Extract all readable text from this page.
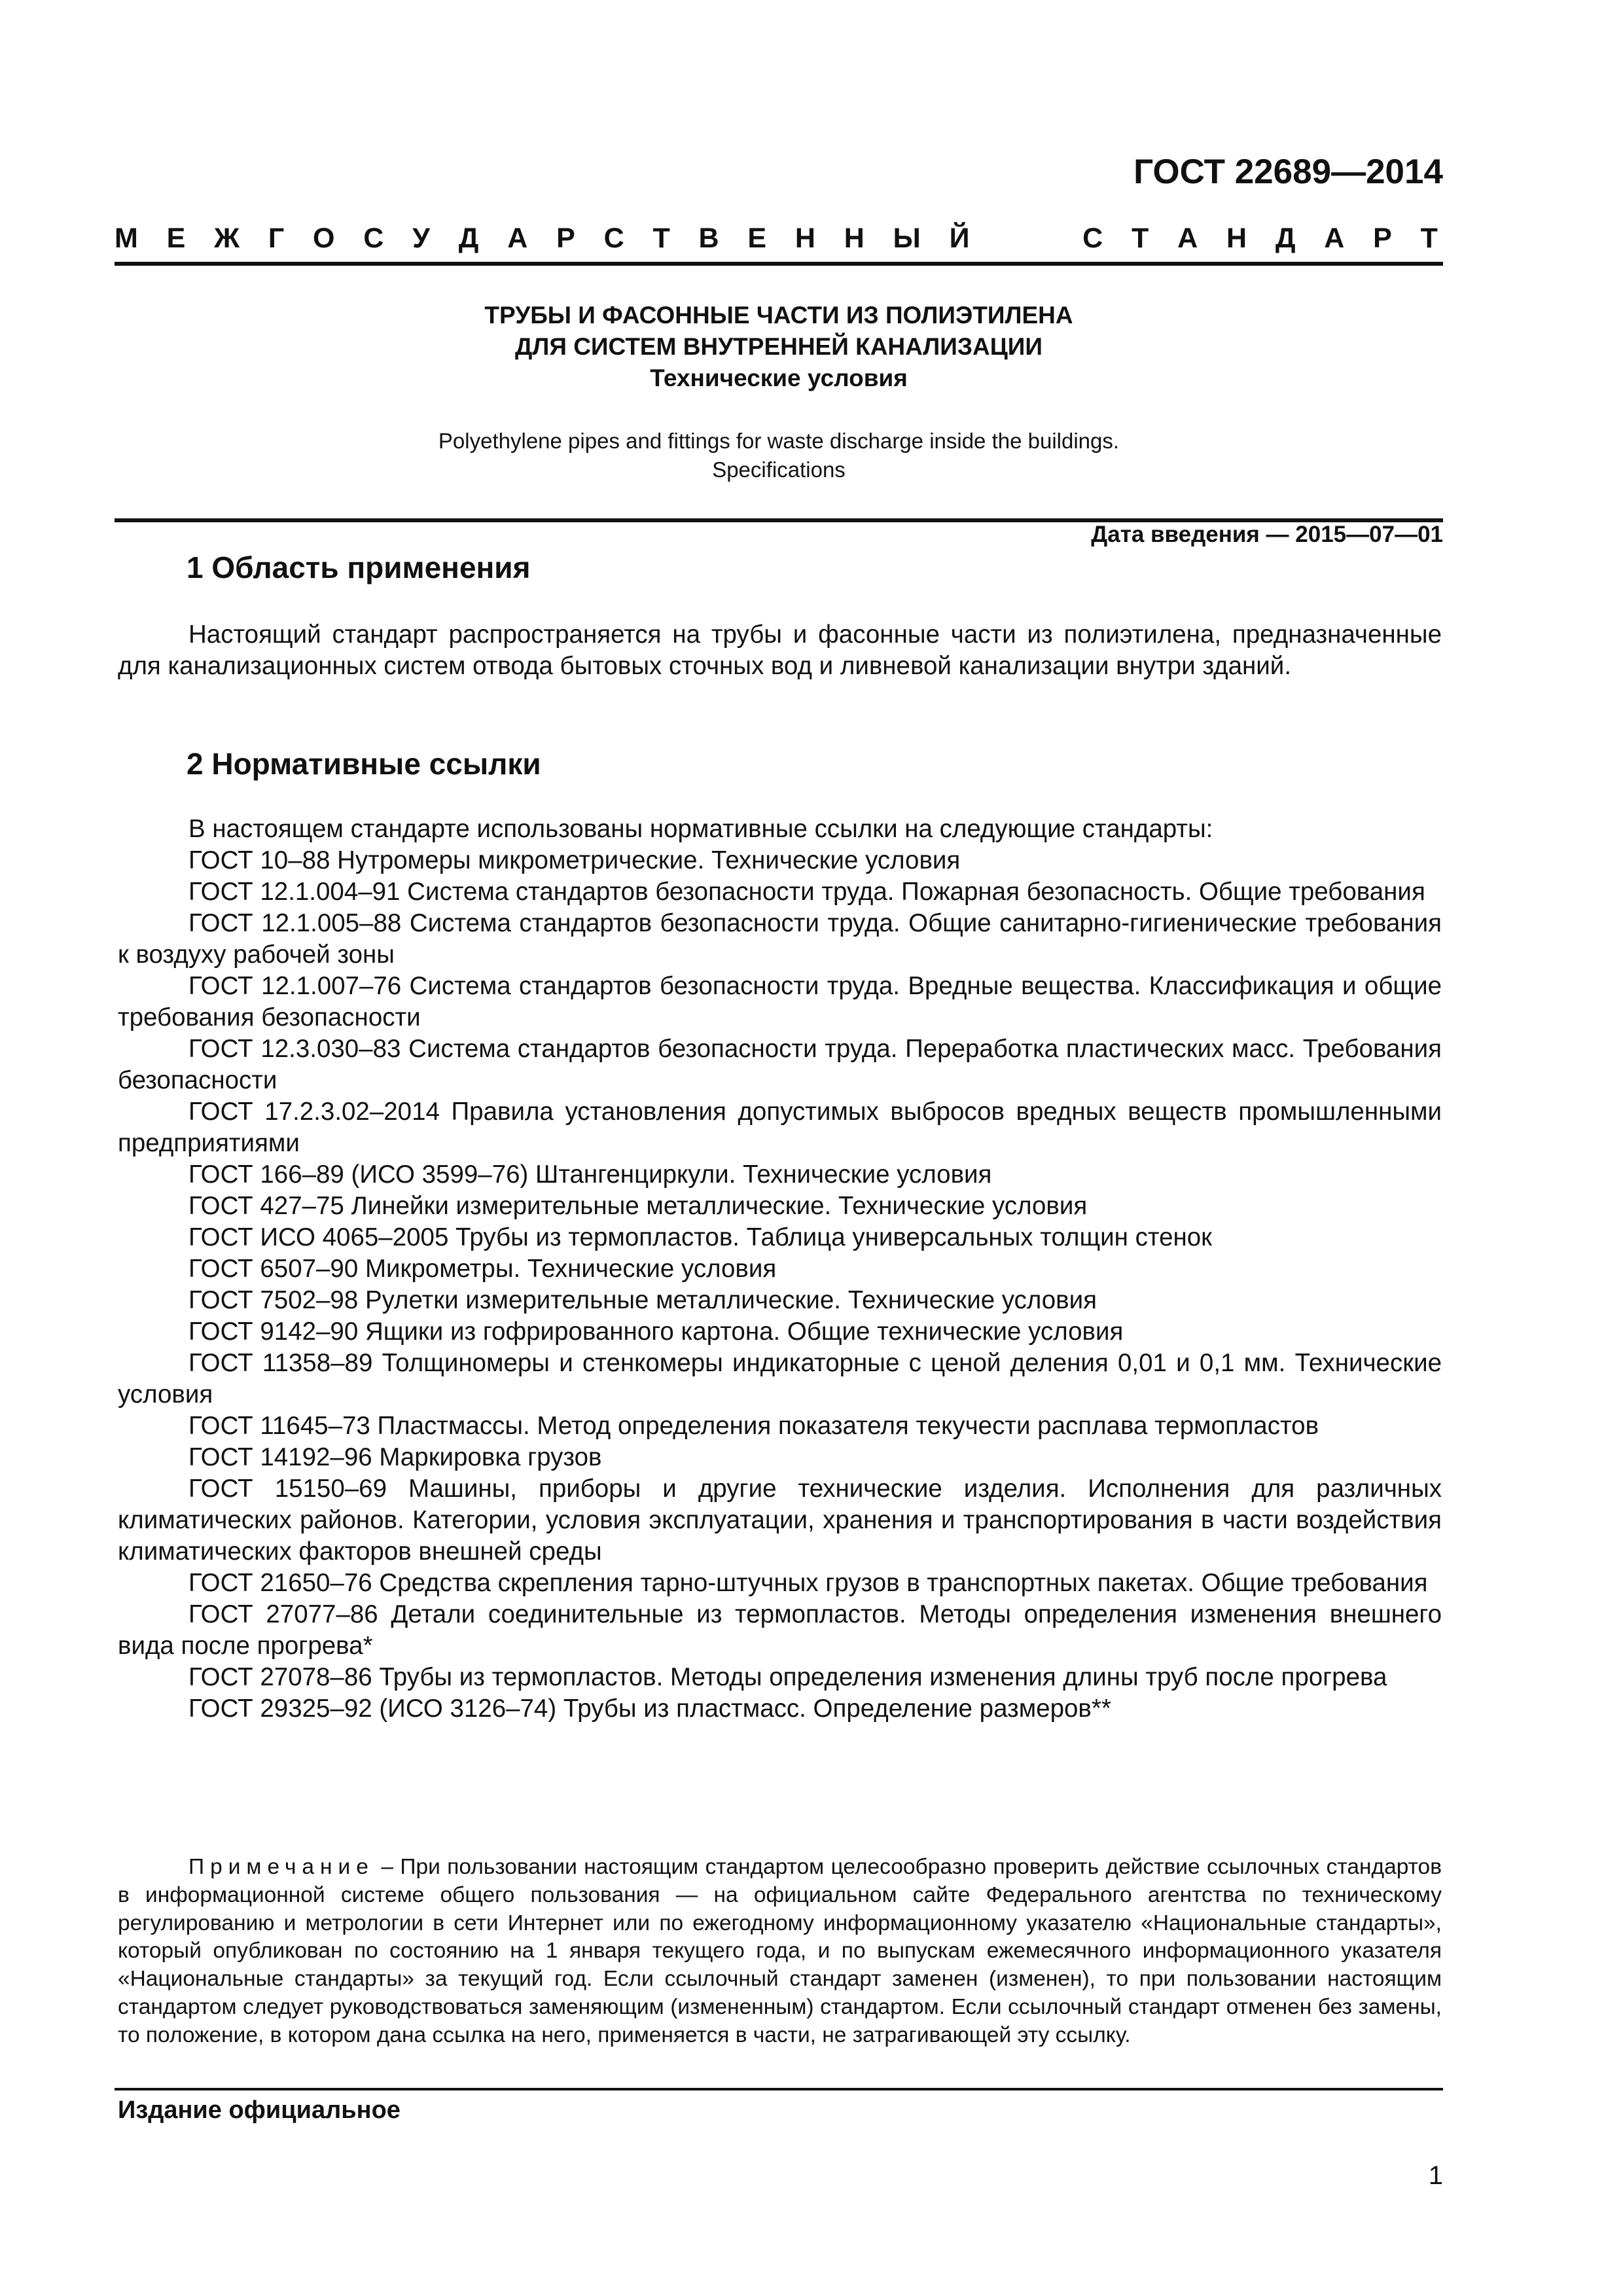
ГОСТ 22689—2014
М Е Ж Г О С У Д А Р С Т В Е Н Н Ы Й	С Т А Н Д А Р Т
ТРУБЫ И ФАСОННЫЕ ЧАСТИ ИЗ ПОЛИЭТИЛЕНА
ДЛЯ СИСТЕМ ВНУТРЕННЕЙ КАНАЛИЗАЦИИ
Технические условия
Polyethylene pipes and fittings for waste discharge inside the buildings.
Specifications
Дата введения — 2015—07—01
1 Область применения

Настоящий стандарт распространяется на трубы и фасонные части из полиэтилена, предназначенные для канализационных систем отвода бытовых сточных вод и ливневой канализации внутри зданий.

2 Нормативные ссылки

В настоящем стандарте использованы нормативные ссылки на следующие стандарты:

ГОСТ 10–88 Нутромеры микрометрические. Технические условия

ГОСТ 12.1.004–91 Система стандартов безопасности труда. Пожарная безопасность. Общие требования

ГОСТ 12.1.005–88 Система стандартов безопасности труда. Общие санитарно-гигиенические требования к воздуху рабочей зоны

ГОСТ 12.1.007–76 Система стандартов безопасности труда. Вредные вещества. Классификация и общие требования безопасности

ГОСТ 12.3.030–83 Система стандартов безопасности труда. Переработка пластических масс. Требования безопасности

ГОСТ 17.2.3.02–2014 Правила установления допустимых выбросов вредных веществ промышленными предприятиями

ГОСТ 166–89 (ИСО 3599–76) Штангенциркули. Технические условия

ГОСТ 427–75 Линейки измерительные металлические. Технические условия

ГОСТ ИСО 4065–2005 Трубы из термопластов. Таблица универсальных толщин стенок

ГОСТ 6507–90 Микрометры. Технические условия

ГОСТ 7502–98 Рулетки измерительные металлические. Технические условия

ГОСТ 9142–90 Ящики из гофрированного картона. Общие технические условия

ГОСТ 11358–89 Толщиномеры и стенкомеры индикаторные с ценой деления 0,01 и 0,1 мм. Технические условия

ГОСТ 11645–73 Пластмассы. Метод определения показателя текучести расплава термопластов

ГОСТ 14192–96 Маркировка грузов

ГОСТ 15150–69 Машины, приборы и другие технические изделия. Исполнения для различных климатических районов. Категории, условия эксплуатации, хранения и транспортирования в части воздействия климатических факторов внешней среды

ГОСТ 21650–76 Средства скрепления тарно-штучных грузов в транспортных пакетах. Общие требования

ГОСТ 27077–86 Детали соединительные из термопластов. Методы определения изменения внешнего вида после прогрева*

ГОСТ 27078–86 Трубы из термопластов. Методы определения изменения длины труб после прогрева

ГОСТ 29325–92 (ИСО 3126–74) Трубы из пластмасс. Определение размеров**

Примечание – При пользовании настоящим стандартом целесообразно проверить действие ссылочных стандартов в информационной системе общего пользования — на официальном сайте Федерального агентства по техническому регулированию и метрологии в сети Интернет или по ежегодному информационному указателю «Национальные стандарты», который опубликован по состоянию на 1 января текущего года, и по выпускам ежемесячного информационного указателя «Национальные стандарты» за текущий год. Если ссылочный стандарт заменен (изменен), то при пользовании настоящим стандартом следует руководствоваться заменяющим (измененным) стандартом. Если ссылочный стандарт отменен без замены, то положение, в котором дана ссылка на него, применяется в части, не затрагивающей эту ссылку.
Издание официальное
1
